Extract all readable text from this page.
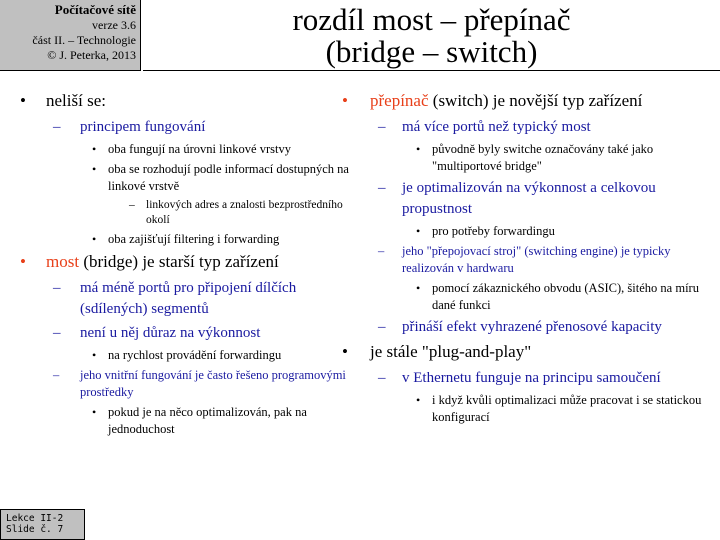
Počítačové sítě
verze 3.6
část II. – Technologie
© J. Peterka, 2013
rozdíl most – přepínač
(bridge – switch)
• neliší se:
– principem fungování
• oba fungují na úrovni linkové vrstvy
• oba se rozhodují podle informací dostupných na linkové vrstvě
– linkových adres a znalosti bezprostředního okolí
• oba zajišťují filtering i forwarding
• most (bridge) je starší typ zařízení
– má méně portů pro připojení dílčích (sdílených) segmentů
– není u něj důraz na výkonnost
• na rychlost provádění forwardingu
– jeho vnitřní fungování je často řešeno programovými prostředky
• pokud je na něco optimalizován, pak na jednoduchost
• přepínač (switch) je novější typ zařízení
– má více portů než typický most
• původně byly switche označovány také jako "multiportové bridge"
– je optimalizován na výkonnost a celkovou propustnost
• pro potřeby forwardingu
– jeho "přepojovací stroj" (switching engine) je typicky realizován v hardwaru
• pomocí zákaznického obvodu (ASIC), šitého na míru dané funkci
– přináší efekt vyhrazené přenosové kapacity
• je stále "plug-and-play"
– v Ethernetu funguje na principu samoučení
• i když kvůli optimalizaci může pracovat i se statickou konfigurací
Lekce II-2
Slide č. 7
